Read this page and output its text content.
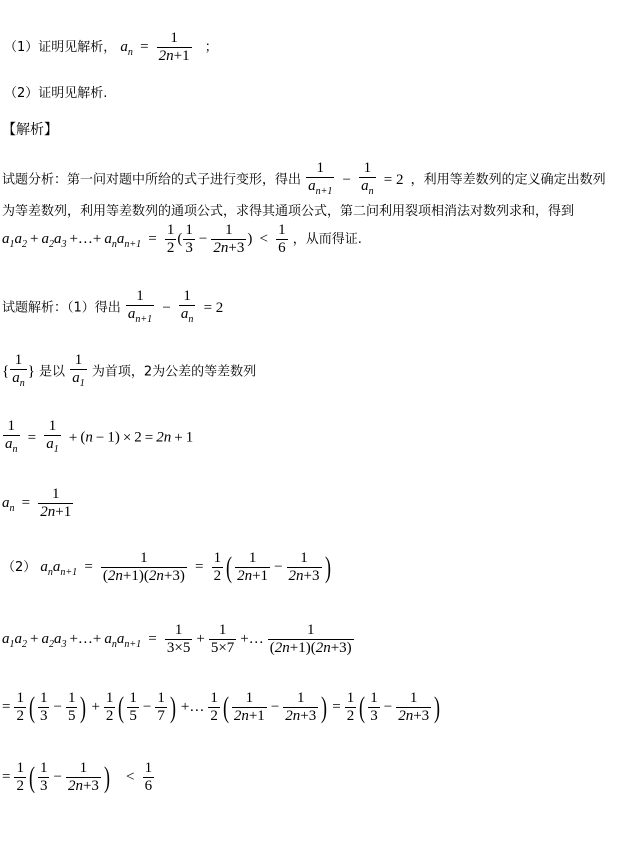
（1）证明见解析， $a_n = \frac{1}{2n+1}$ ；
（2）证明见解析.
【解析】
试题分析：第一问对题中所给的式子进行变形，得出 $\frac{1}{a_{n+1}} - \frac{1}{a_n} = 2$ ，利用等差数列的定义确定出数列
为等差数列，利用等差数列的通项公式，求得其通项公式，第二问利用裂项相消法对数列求和，得到
$a_1a_2 + a_2a_3$ +…+ $a_na_{n+1} = \frac{1}{2}$ ( $\frac{1}{3} - \frac{1}{2n+3}$ ) < $\frac{1}{6}$ ，从而得证.
试题解析：（1）得出 $\frac{1}{a_{n+1}} - \frac{1}{a_n} = 2$
{ $\frac{1}{a_n}$ } 是以 $\frac{1}{a_1}$ 为首项，2为公差的等差数列
$\frac{1}{a_n} = \frac{1}{a_1} + (n - 1) \times 2 = 2n + 1$
$a_n = \frac{1}{2n+1}$
（2） $a_na_{n+1} = \frac{1}{(2n+1)(2n+3)} = \frac{1}{2}$ ( $\frac{1}{2n+1} - \frac{1}{2n+3}$ )
$a_1a_2 + a_2a_3$ +…+ $a_na_{n+1} = \frac{1}{3\times 5} + \frac{1}{5\times 7}$ +… $\frac{1}{(2n+1)(2n+3)}$
= $\frac{1}{2}$ ( $\frac{1}{3} - \frac{1}{5}$ ) + $\frac{1}{2}$ ( $\frac{1}{5} - \frac{1}{7}$ ) +… $\frac{1}{2}$ ( $\frac{1}{2n+1} - \frac{1}{2n+3}$ ) = $\frac{1}{2}$ ( $\frac{1}{3} - \frac{1}{2n+3}$ )
= $\frac{1}{2}$ ( $\frac{1}{3} - \frac{1}{2n+3}$ ) < $\frac{1}{6}$
